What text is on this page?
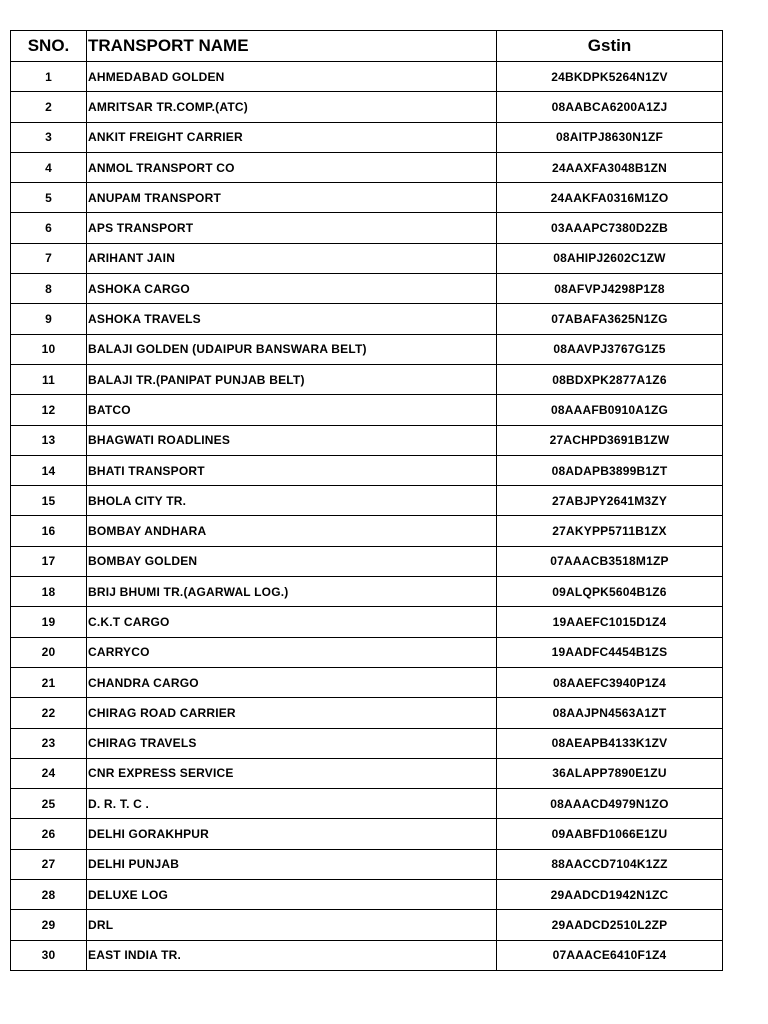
SNO.	TRANSPORT NAME	Gstin
1	AHMEDABAD GOLDEN	24BKDPK5264N1ZV
2	AMRITSAR TR.COMP.(ATC)	08AABCA6200A1ZJ
3	ANKIT FREIGHT CARRIER	08AITPJ8630N1ZF
4	ANMOL TRANSPORT CO	24AAXFA3048B1ZN
5	ANUPAM TRANSPORT	24AAKFA0316M1ZO
6	APS TRANSPORT	03AAAPC7380D2ZB
7	ARIHANT JAIN	08AHIPJ2602C1ZW
8	ASHOKA CARGO	08AFVPJ4298P1Z8
9	ASHOKA TRAVELS	07ABAFA3625N1ZG
10	BALAJI GOLDEN (UDAIPUR BANSWARA BELT)	08AAVPJ3767G1Z5
11	BALAJI TR.(PANIPAT PUNJAB BELT)	08BDXPK2877A1Z6
12	BATCO	08AAAFB0910A1ZG
13	BHAGWATI ROADLINES	27ACHPD3691B1ZW
14	BHATI TRANSPORT	08ADAPB3899B1ZT
15	BHOLA CITY TR.	27ABJPY2641M3ZY
16	BOMBAY ANDHARA	27AKYPP5711B1ZX
17	BOMBAY GOLDEN	07AAACB3518M1ZP
18	BRIJ BHUMI TR.(AGARWAL LOG.)	09ALQPK5604B1Z6
19	C.K.T CARGO	19AAEFC1015D1Z4
20	CARRYCO	19AADFC4454B1ZS
21	CHANDRA CARGO	08AAEFC3940P1Z4
22	CHIRAG ROAD CARRIER	08AAJPN4563A1ZT
23	CHIRAG TRAVELS	08AEAPB4133K1ZV
24	CNR EXPRESS SERVICE	36ALAPP7890E1ZU
25	D. R. T. C .	08AAACD4979N1ZO
26	DELHI GORAKHPUR	09AABFD1066E1ZU
27	DELHI PUNJAB	88AACCD7104K1ZZ
28	DELUXE LOG	29AADCD1942N1ZC
29	DRL	29AADCD2510L2ZP
30	EAST INDIA TR.	07AAACE6410F1Z4
